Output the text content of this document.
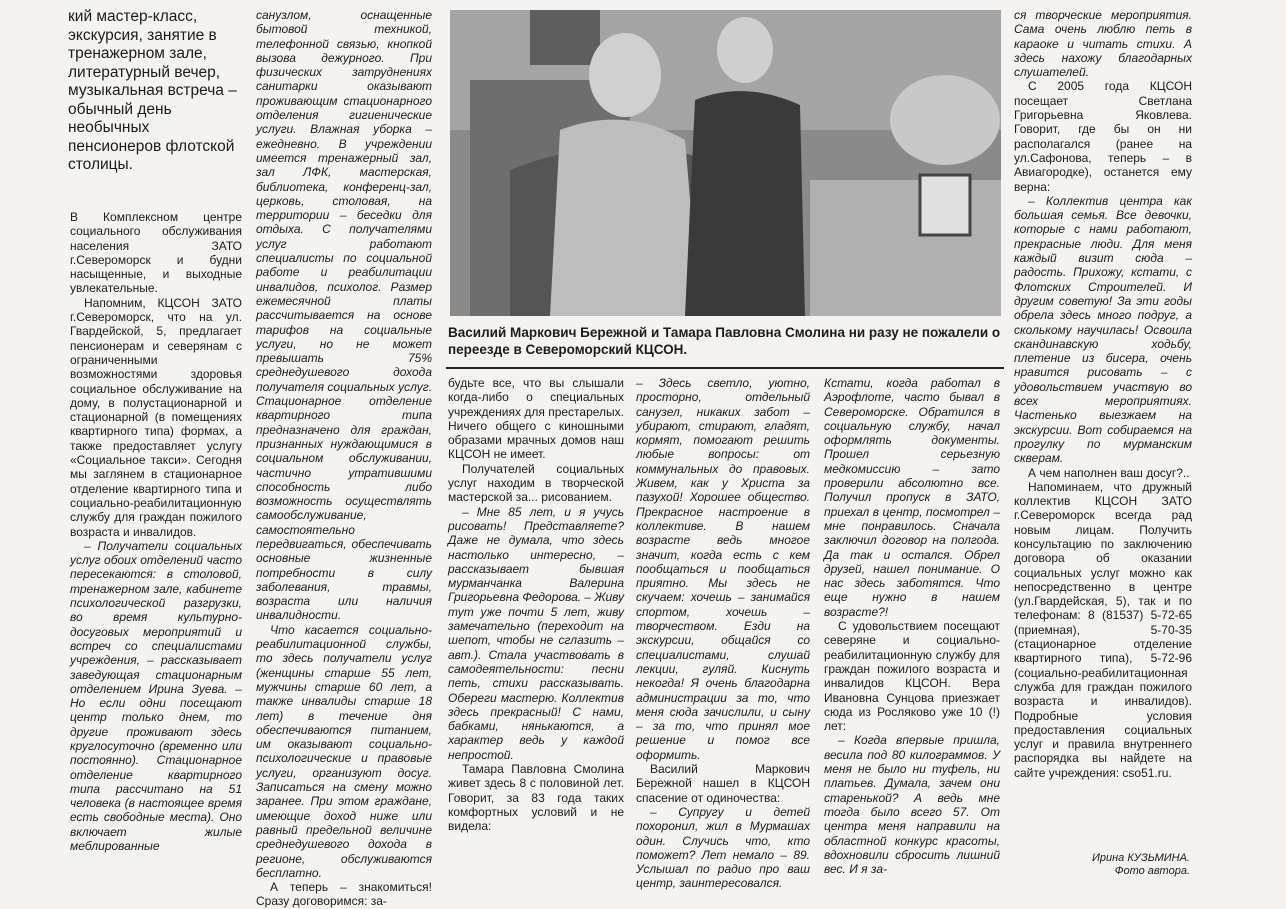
кий мастер-класс, экскурсия, занятие в тренажерном зале, литературный вечер, музыкальная встреча – обычный день необычных пенсионеров флотской столицы.

В Комплексном центре социального обслуживания населения ЗАТО г.Североморск и будни насыщенные, и выходные увлекательные.

Напомним, КЦСОН ЗАТО г.Североморск, что на ул. Гвардейской, 5, предлагает пенсионерам и северянам с ограниченными возможностями здоровья социальное обслуживание на дому, в полустационарной и стационарной (в помещениях квартирного типа) формах, а также предоставляет услугу «Социальное такси». Сегодня мы заглянем в стационарное отделение квартирного типа и социально-реабилитационную службу для граждан пожилого возраста и инвалидов.

– Получатели социальных услуг обоих отделений часто пересекаются: в столовой, тренажерном зале, кабинете психологической разгрузки, во время культурно-досуговых мероприятий и встреч со специалистами учреждения, – рассказывает заведующая стационарным отделением Ирина Зуева. – Но если одни посещают центр только днем, то другие проживают здесь круглосуточно (временно или постоянно). Стационарное отделение квартирного типа рассчитано на 51 человека (в настоящее время есть свободные места). Оно включает жилые меблированные

санузлом, оснащенные бытовой техникой, телефонной связью, кнопкой вызова дежурного. При физических затруднениях санитарки оказывают проживающим стационарного отделения гигиенические услуги. Влажная уборка – ежедневно. В учреждении имеется тренажерный зал, зал ЛФК, мастерская, библиотека, конференц-зал, церковь, столовая, на территории – беседки для отдыха. С получателями услуг работают специалисты по социальной работе и реабилитации инвалидов, психолог. Размер ежемесячной платы рассчитывается на основе тарифов на социальные услуги, но не может превышать 75% среднедушевого дохода получателя социальных услуг. Стационарное отделение квартирного типа предназначено для граждан, признанных нуждающимися в социальном обслуживании, частично утратившими способность либо возможность осуществлять самообслуживание, самостоятельно передвигаться, обеспечивать основные жизненные потребности в силу заболевания, травмы, возраста или наличия инвалидности.

Что касается социально-реабилитационной службы, то здесь получатели услуг (женщины старше 55 лет, мужчины старше 60 лет, а также инвалиды старше 18 лет) в течение дня обеспечиваются питанием, им оказывают социально-психологические и правовые услуги, организуют досуг. Записаться на смену можно заранее. При этом граждане, имеющие доход ниже или равный предельной величине среднедушевого дохода в регионе, обслуживаются бесплатно.

А теперь – знакомиться! Сразу договоримся: за-

Василий Маркович Бережной и Тамара Павловна Смолина ни разу не пожалели о переезде в Североморский КЦСОН.

будьте все, что вы слышали когда-либо о специальных учреждениях для престарелых. Ничего общего с киношными образами мрачных домов наш КЦСОН не имеет.

Получателей социальных услуг находим в творческой мастерской за... рисованием.

– Мне 85 лет, и я учусь рисовать! Представляете? Даже не думала, что здесь настолько интересно, – рассказывает бывшая мурманчанка Валерина Григорьевна Федорова. – Живу тут уже почти 5 лет, живу замечательно (переходит на шепот, чтобы не сглазить – авт.). Стала участвовать в самодеятельности: песни петь, стихи рассказывать. Обереги мастерю. Коллектив здесь прекрасный! С нами, бабками, нянькаются, а характер ведь у каждой непростой.

Тамара Павловна Смолина живет здесь 8 с половиной лет. Говорит, за 83 года таких комфортных условий и не видела:

– Здесь светло, уютно, просторно, отдельный санузел, никаких забот – убирают, стирают, гладят, кормят, помогают решить любые вопросы: от коммунальных до правовых. Живем, как у Христа за пазухой! Хорошее общество. Прекрасное настроение в коллективе. В нашем возрасте ведь многое значит, когда есть с кем пообщаться и пообщаться приятно. Мы здесь не скучаем: хочешь – занимайся спортом, хочешь – творчеством. Езди на экскурсии, общайся со специалистами, слушай лекции, гуляй. Киснуть некогда! Я очень благодарна администрации за то, что меня сюда зачислили, и сыну – за то, что принял мое решение и помог все оформить.

Василий Маркович Бережной нашел в КЦСОН спасение от одиночества:

– Супругу и детей похоронил, жил в Мурмашах один. Случись что, кто поможет? Лет немало – 89. Услышал по радио про ваш центр, заинтересовался.

Кстати, когда работал в Аэрофлоте, часто бывал в Североморске. Обратился в социальную службу, начал оформлять документы. Прошел серьезную медкомиссию – зато проверили абсолютно все. Получил пропуск в ЗАТО, приехал в центр, посмотрел – мне понравилось. Сначала заключил договор на полгода. Да так и остался. Обрел друзей, нашел понимание. О нас здесь заботятся. Что еще нужно в нашем возрасте?!

С удовольствием посещают северяне и социально-реабилитационную службу для граждан пожилого возраста и инвалидов КЦСОН. Вера Ивановна Сунцова приезжает сюда из Росляково уже 10 (!) лет:

– Когда впервые пришла, весила под 80 килограммов. У меня не было ни туфель, ни платьев. Думала, зачем они старенькой? А ведь мне тогда было всего 57. От центра меня направили на областной конкурс красоты, вдохновили сбросить лишний вес. И я за-

ся творческие мероприятия. Сама очень люблю петь в караоке и читать стихи. А здесь нахожу благодарных слушателей.

С 2005 года КЦСОН посещает Светлана Григорьевна Яковлева. Говорит, где бы он ни располагался (ранее на ул.Сафонова, теперь – в Авиагородке), останется ему верна:

– Коллектив центра как большая семья. Все девочки, которые с нами работают, прекрасные люди. Для меня каждый визит сюда – радость. Прихожу, кстати, с Флотских Строителей. И другим советую! За эти годы обрела здесь много подруг, а сколькому научилась! Освоила скандинавскую ходьбу, плетение из бисера, очень нравится рисовать – с удовольствием участвую во всех мероприятиях. Частенько выезжаем на экскурсии. Вот собираемся на прогулку по мурманским скверам.

А чем наполнен ваш досуг?..

Напоминаем, что дружный коллектив КЦСОН ЗАТО г.Североморск всегда рад новым лицам. Получить консультацию по заключению договора об оказании социальных услуг можно как непосредственно в центре (ул.Гвардейская, 5), так и по телефонам: 8 (81537) 5-72-65 (приемная), 5-70-35 (стационарное отделение квартирного типа), 5-72-96 (социально-реабилитационная служба для граждан пожилого возраста и инвалидов). Подробные условия предоставления социальных услуг и правила внутреннего распорядка вы найдете на сайте учреждения: cso51.ru.

Ирина КУЗЬМИНА.

Фото автора.
